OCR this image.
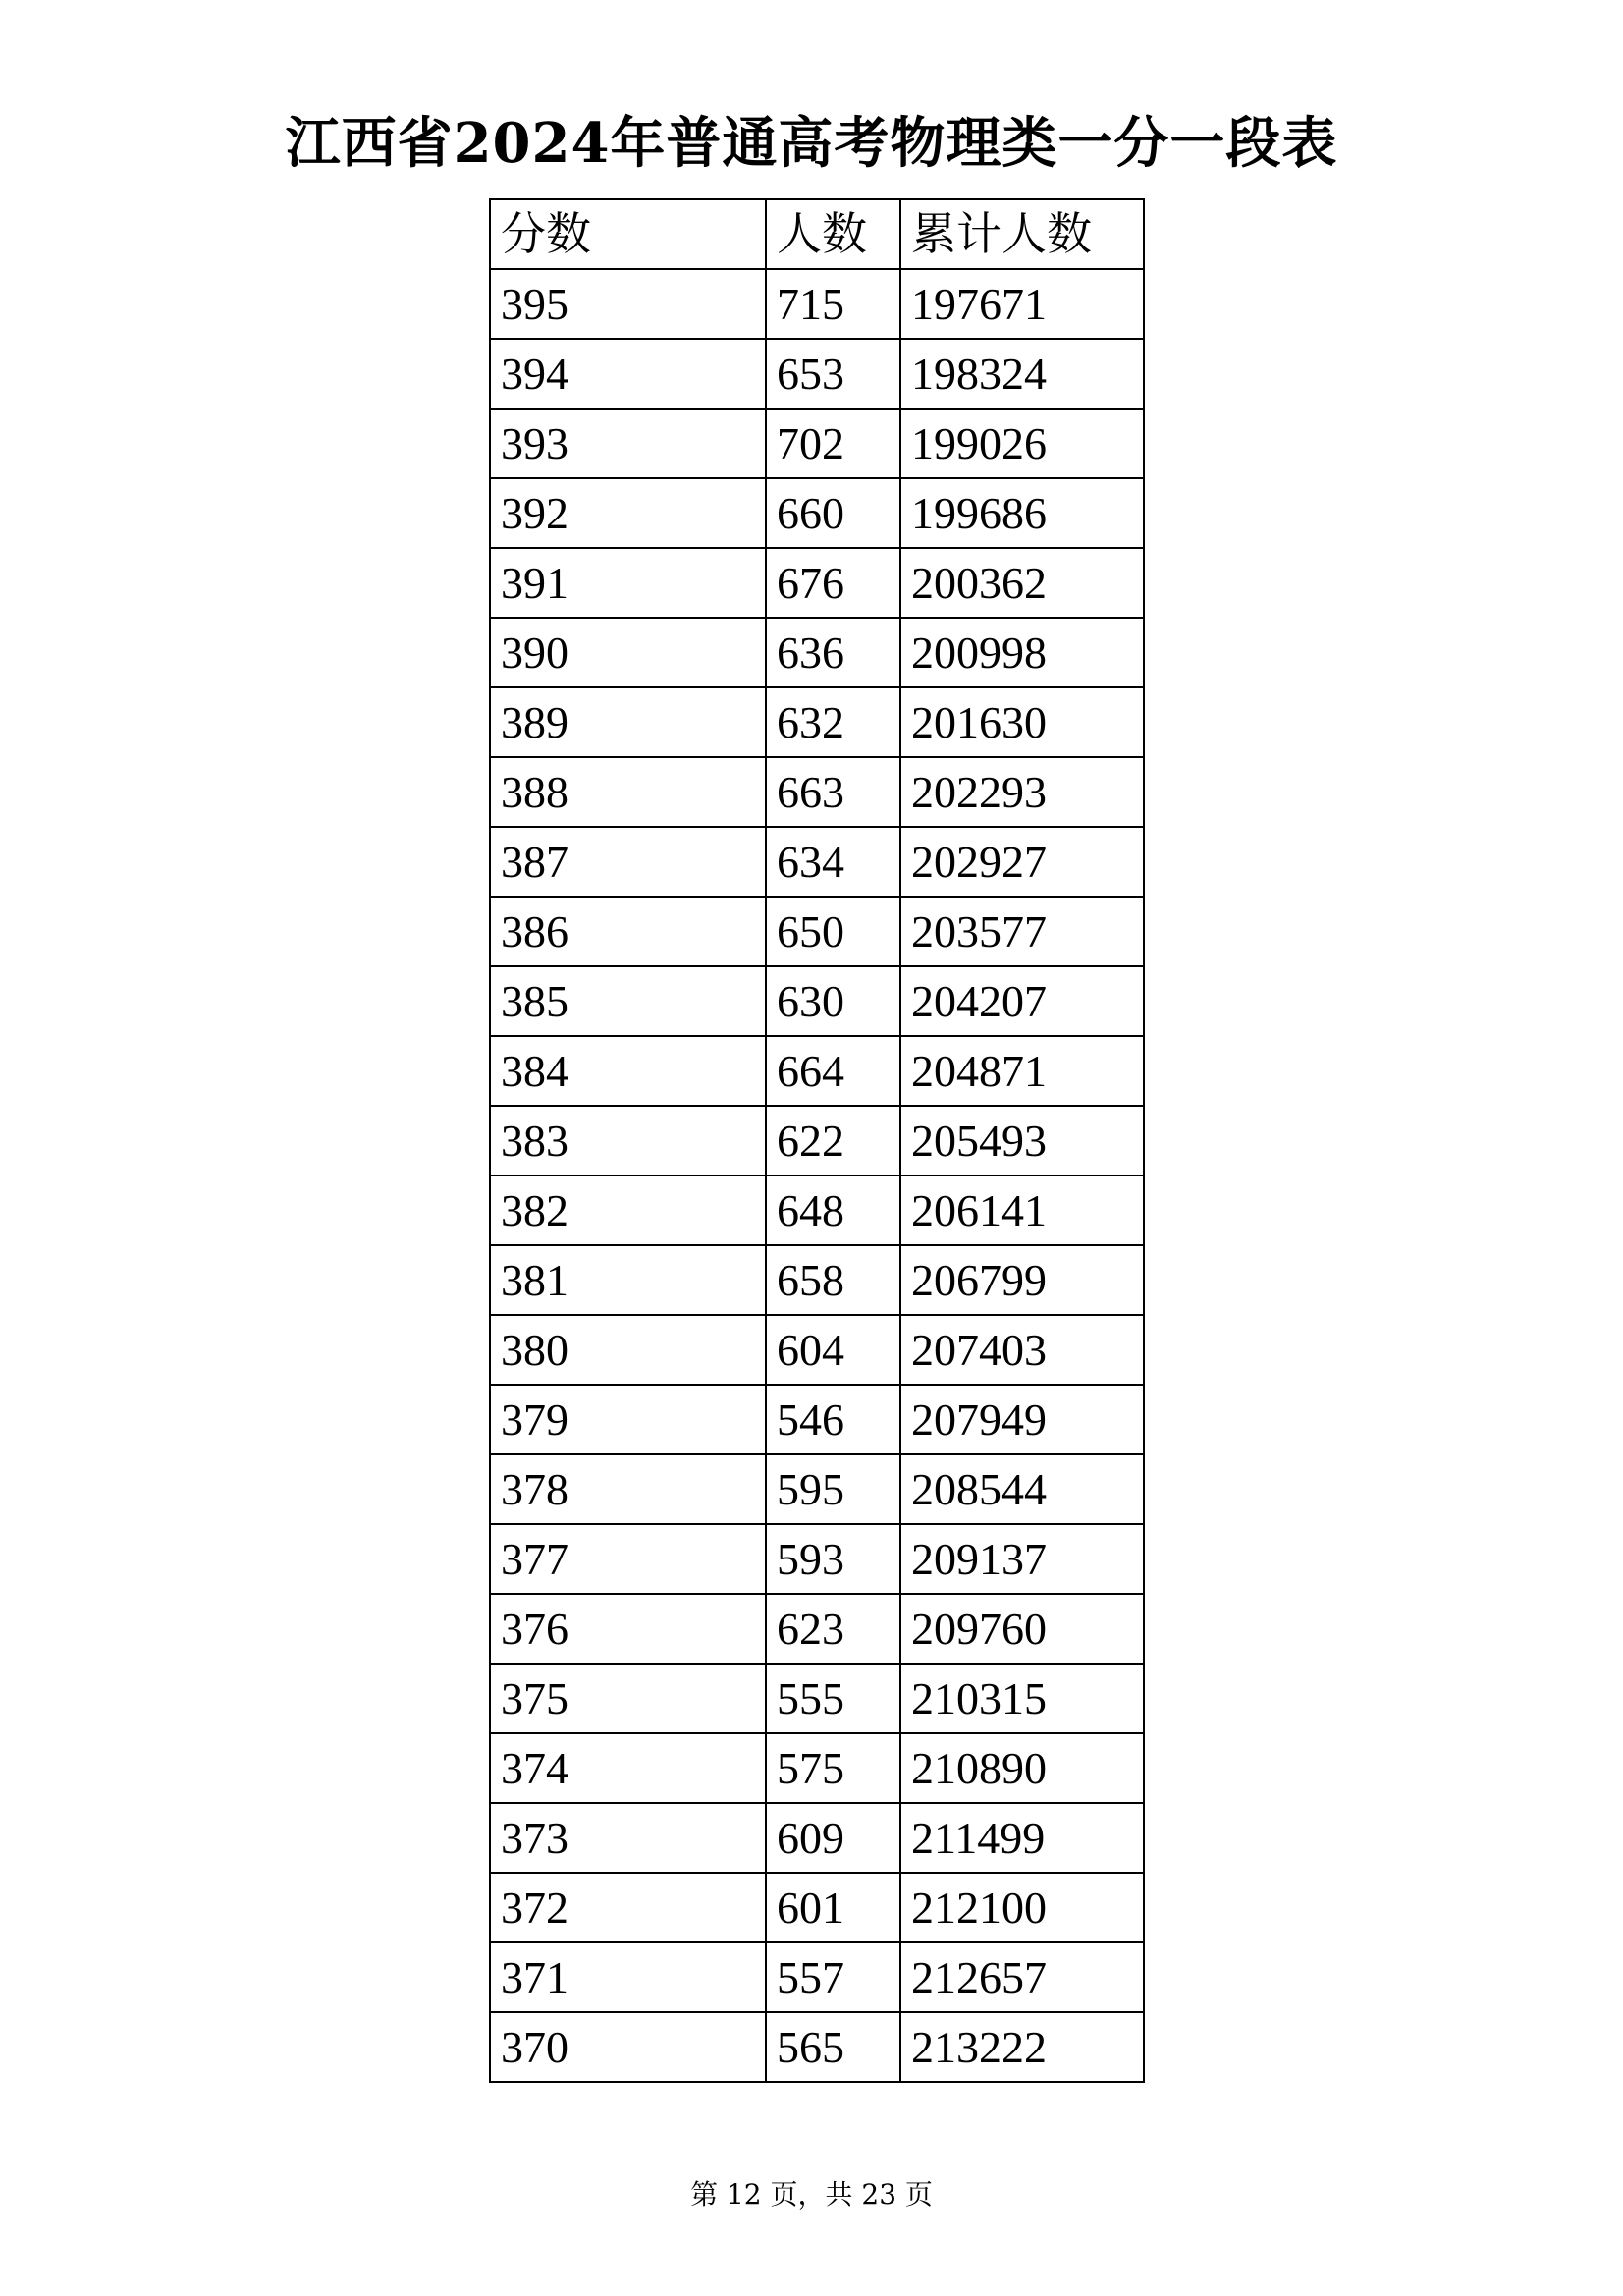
江西省2024年普通高考物理类一分一段表
分数	人数	累计人数
395	715	197671
394	653	198324
393	702	199026
392	660	199686
391	676	200362
390	636	200998
389	632	201630
388	663	202293
387	634	202927
386	650	203577
385	630	204207
384	664	204871
383	622	205493
382	648	206141
381	658	206799
380	604	207403
379	546	207949
378	595	208544
377	593	209137
376	623	209760
375	555	210315
374	575	210890
373	609	211499
372	601	212100
371	557	212657
370	565	213222
第 12 页，共 23 页
